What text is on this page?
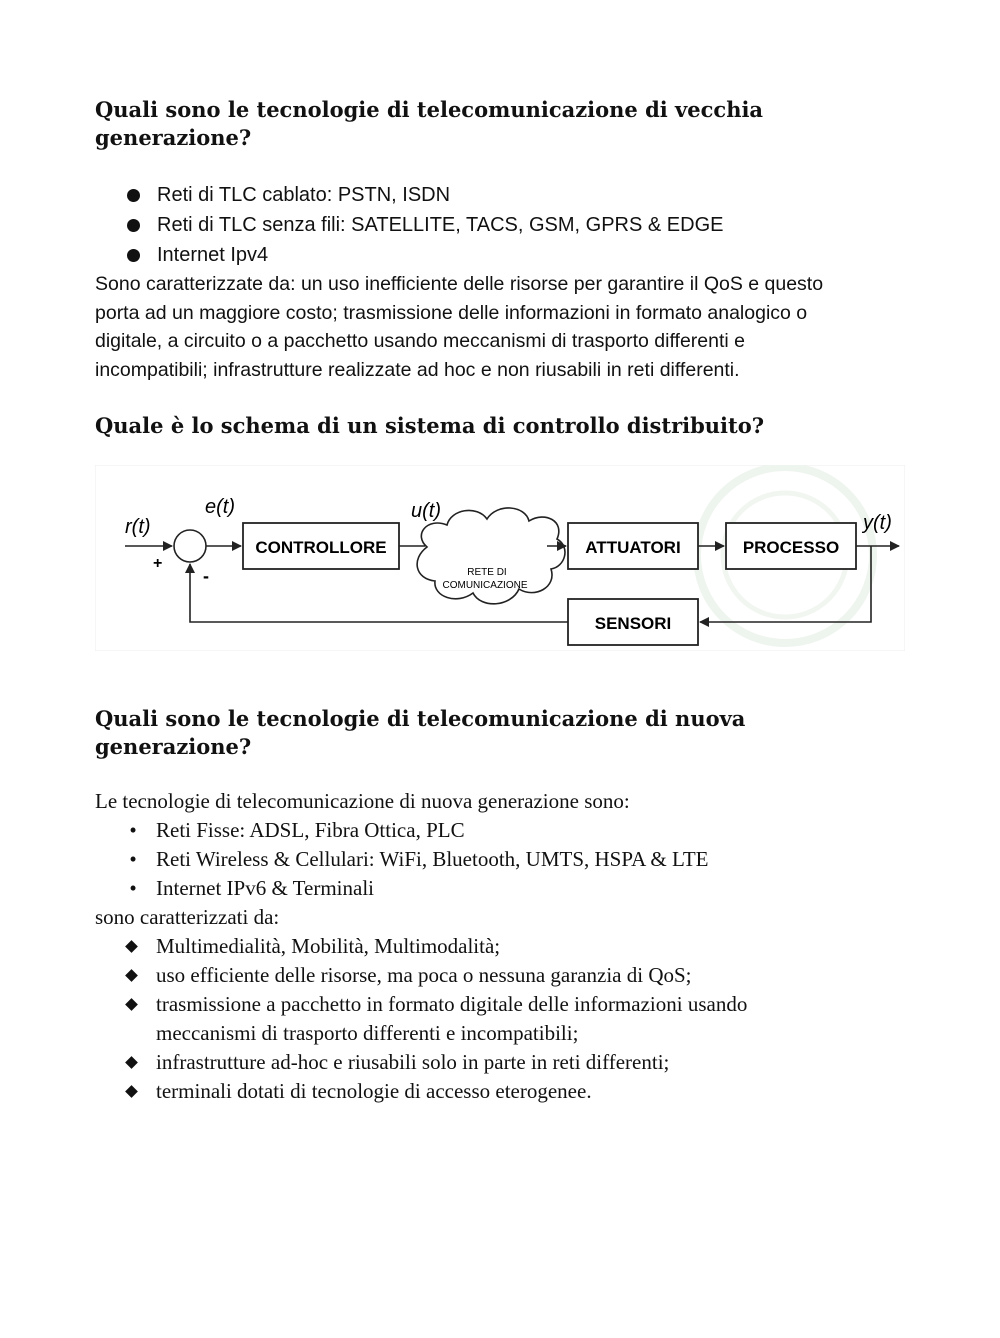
Quali sono le tecnologie di telecomunicazione di vecchia
generazione?
Reti di TLC cablato: PSTN, ISDN
Reti di TLC senza fili: SATELLITE, TACS, GSM, GPRS & EDGE
Internet Ipv4

Sono caratterizzate da: un uso inefficiente delle risorse per garantire il QoS e questo
porta ad un maggiore costo; trasmissione delle informazioni in formato analogico o
digitale, a circuito o a pacchetto usando meccanismi di trasporto differenti e
incompatibili; infrastrutture realizzate ad hoc e non riusabili in reti differenti.

Quale è lo schema di un sistema di controllo distribuito?
r(t)
e(t)	u(t)
y(t)
+
-
CONTROLLORE
RETE DI
COMUNICAZIONE
ATTUATORI	PROCESSO
SENSORI
Quali sono le tecnologie di telecomunicazione di nuova
generazione?

Le tecnologie di telecomunicazione di nuova generazione sono:

• Reti Fisse: ADSL, Fibra Ottica, PLC
• Reti Wireless & Cellulari: WiFi, Bluetooth, UMTS, HSPA & LTE
• Internet IPv6 & Terminali

sono caratterizzati da:

Multimedialità, Mobilità, Multimodalità;
uso efficiente delle risorse, ma poca o nessuna garanzia di QoS;
trasmissione a pacchetto in formato digitale delle informazioni usando
meccanismi di trasporto differenti e incompatibili;
infrastrutture ad-hoc e riusabili solo in parte in reti differenti;
terminali dotati di tecnologie di accesso eterogenee.
